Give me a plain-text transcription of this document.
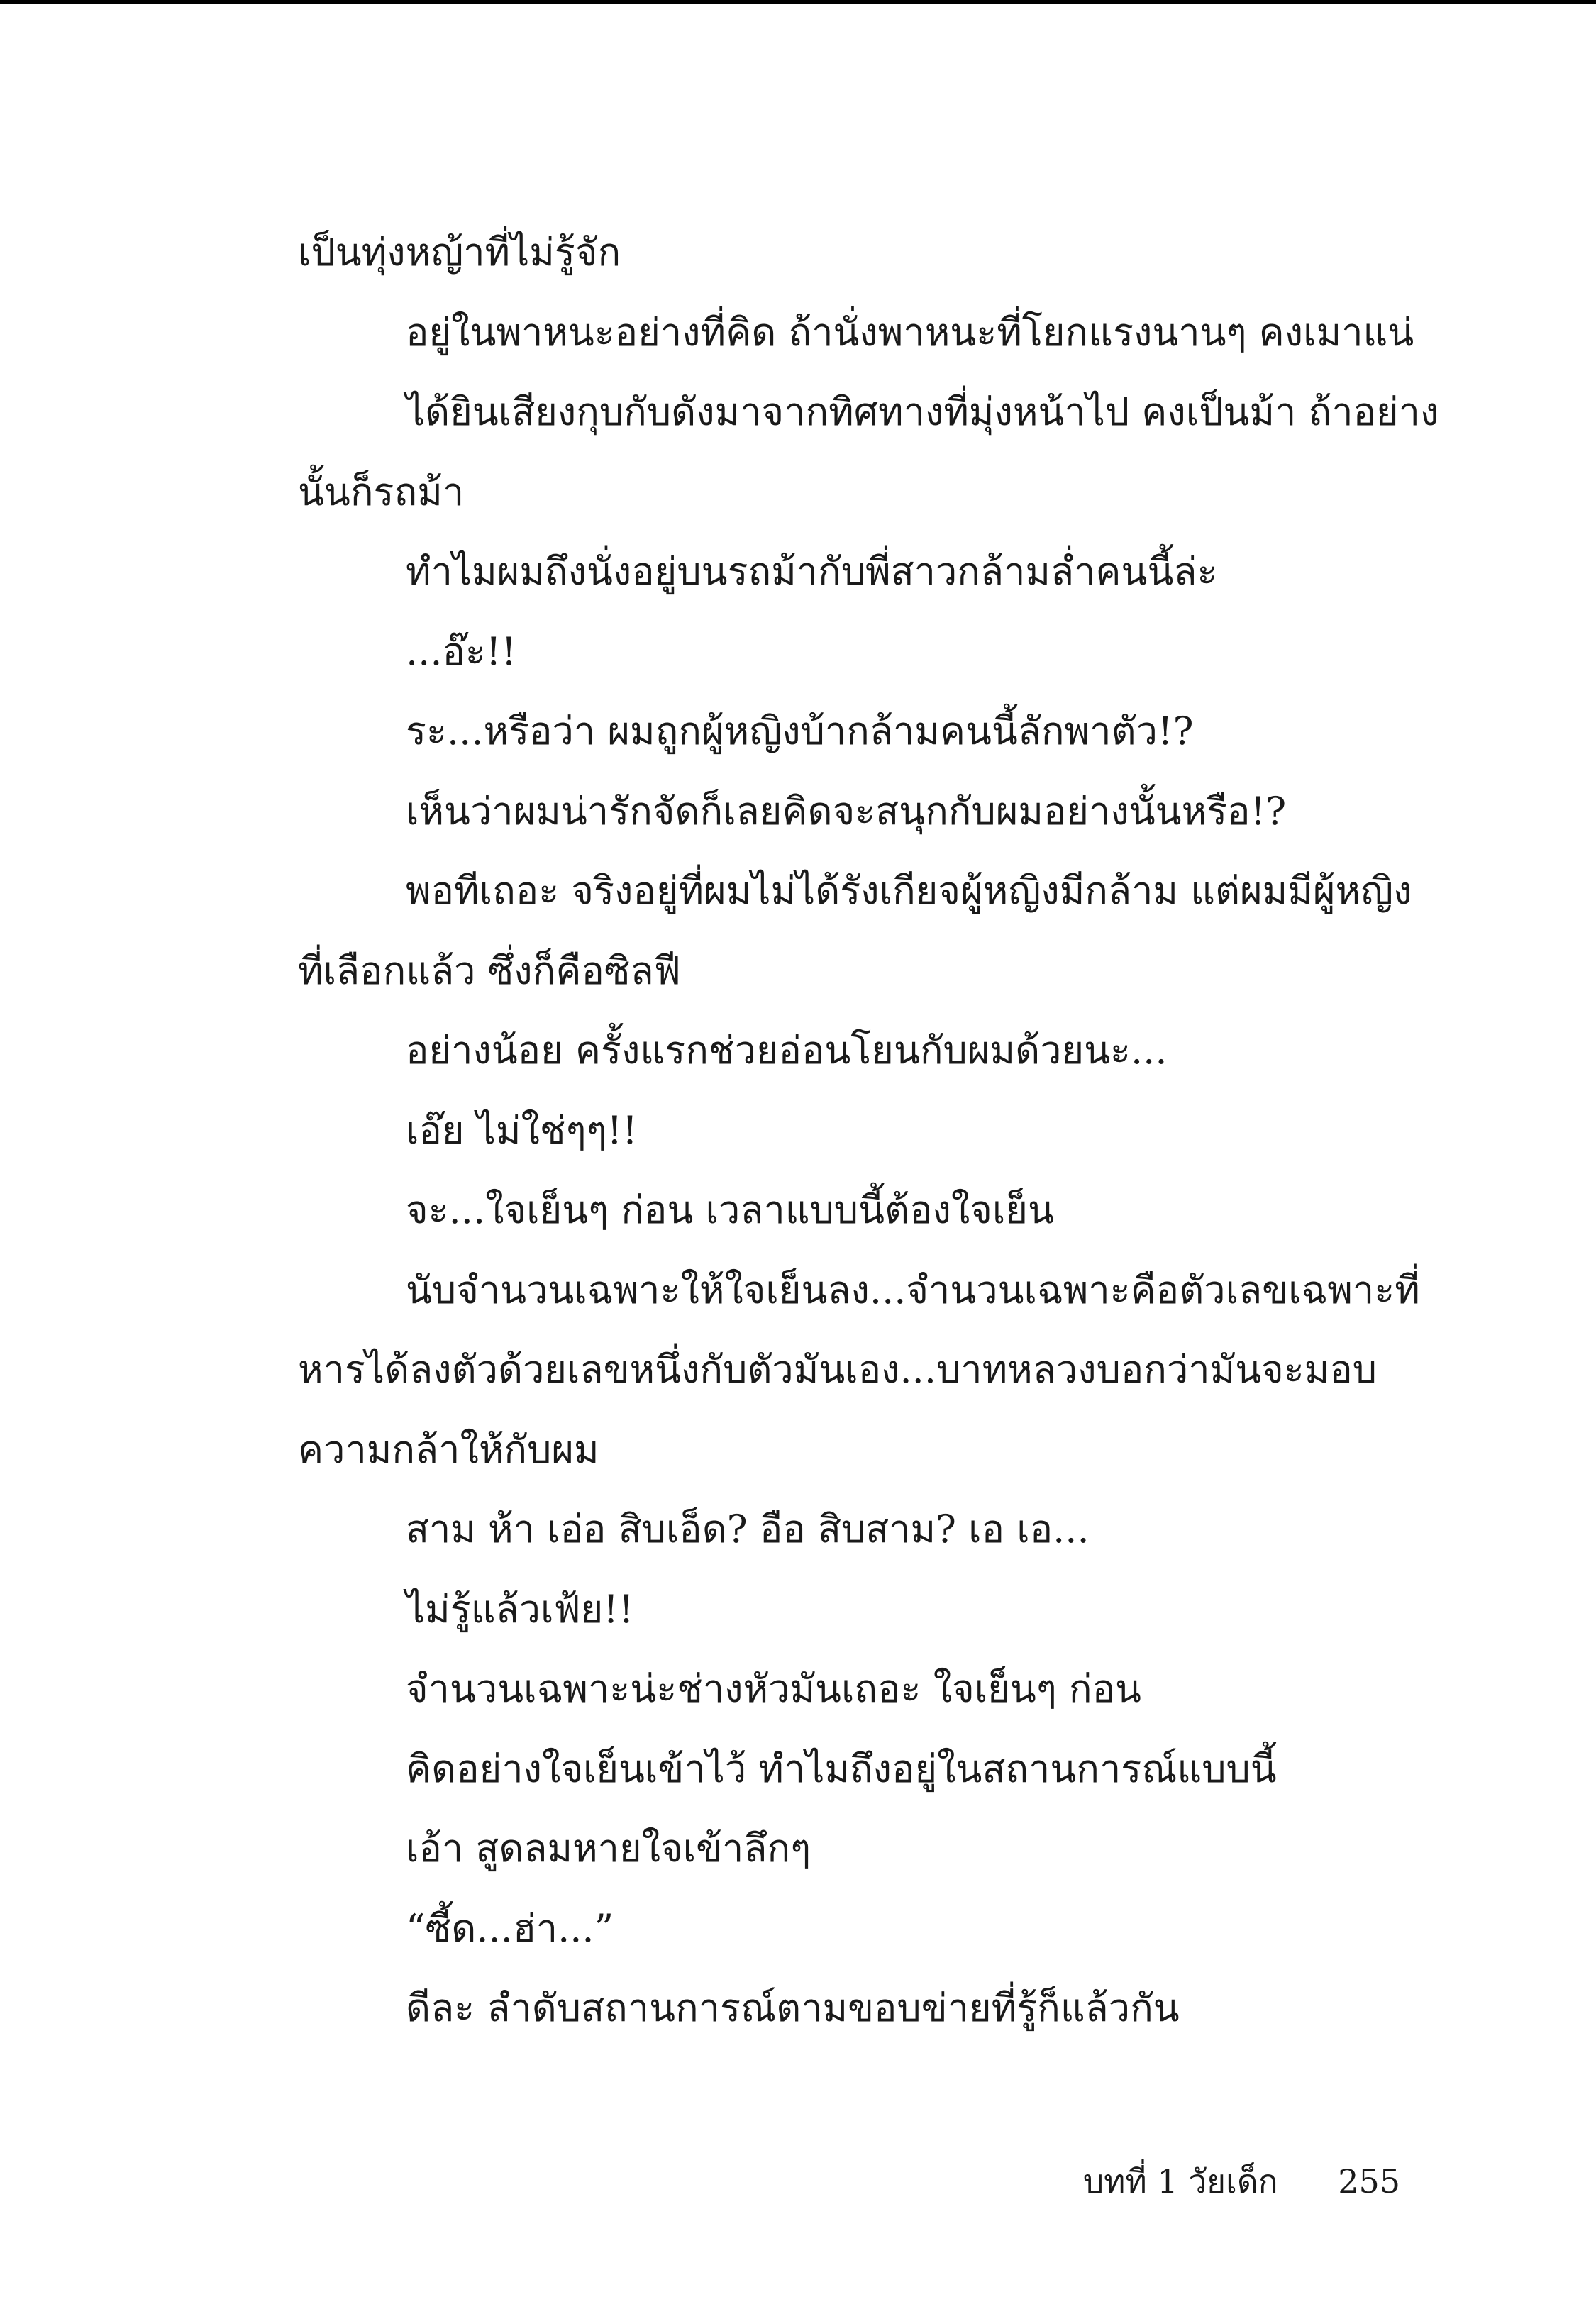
เป็นทุ่งหญ้าที่ไม่รู้จัก

อยู่ในพาหนะอย่างที่คิด ถ้านั่งพาหนะที่โยกแรงนานๆ คงเมาแน่

ได้ยินเสียงกุบกับดังมาจากทิศทางที่มุ่งหน้าไป คงเป็นม้า ถ้าอย่าง

นั้นก็รถม้า

ทำไมผมถึงนั่งอยู่บนรถม้ากับพี่สาวกล้ามล่ำคนนี้ล่ะ

...อ๊ะ!!

ระ...หรือว่า ผมถูกผู้หญิงบ้ากล้ามคนนี้ลักพาตัว!?

เห็นว่าผมน่ารักจัดก็เลยคิดจะสนุกกับผมอย่างนั้นหรือ!?

พอทีเถอะ จริงอยู่ที่ผมไม่ได้รังเกียจผู้หญิงมีกล้าม แต่ผมมีผู้หญิง

ที่เลือกแล้ว ซึ่งก็คือซิลฟี

อย่างน้อย ครั้งแรกช่วยอ่อนโยนกับผมด้วยนะ...

เอ๊ย ไม่ใช่ๆๆ!!

จะ...ใจเย็นๆ ก่อน เวลาแบบนี้ต้องใจเย็น

นับจำนวนเฉพาะให้ใจเย็นลง...จำนวนเฉพาะคือตัวเลขเฉพาะที่

หารได้ลงตัวด้วยเลขหนึ่งกับตัวมันเอง...บาทหลวงบอกว่ามันจะมอบ

ความกล้าให้กับผม

สาม ห้า เอ่อ สิบเอ็ด? อือ สิบสาม? เอ เอ...

ไม่รู้แล้วเฟ้ย!!

จำนวนเฉพาะน่ะช่างหัวมันเถอะ ใจเย็นๆ ก่อน

คิดอย่างใจเย็นเข้าไว้ ทำไมถึงอยู่ในสถานการณ์แบบนี้

เอ้า สูดลมหายใจเข้าลึกๆ

“ซี้ด...ฮ่า...”

ดีละ ลำดับสถานการณ์ตามขอบข่ายที่รู้ก็แล้วกัน

บทที่ 1 วัยเด็ก 255
